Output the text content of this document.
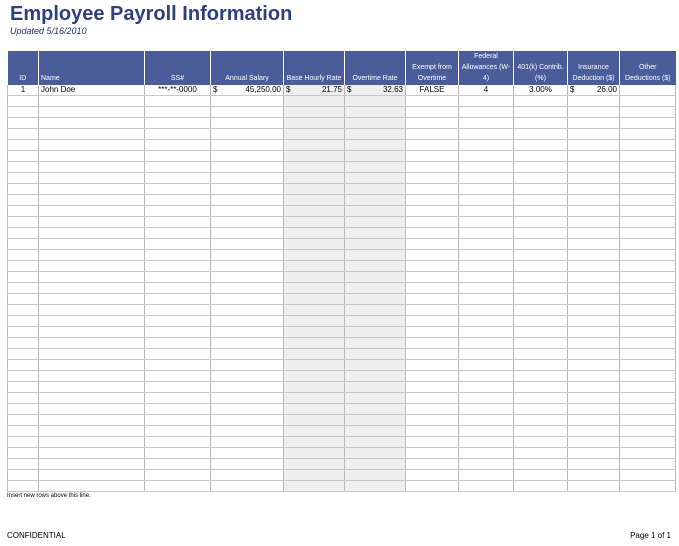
Employee Payroll Information
Updated 5/16/2010
ID	Name	SS#	Annual Salary	Base Hourly Rate	Overtime Rate	Exempt from Overtime	Federal Allowances (W-4)	401(k) Contrib. (%)	Insurance Deduction ($)	Other Deductions ($)
1	John Doe	***-**-0000	$ 45,250.00	$ 21.75	$ 32.63	FALSE	4	3.00%	$ 26.00	

Insert new rows above this line.
CONFIDENTIAL	Page 1 of 1
